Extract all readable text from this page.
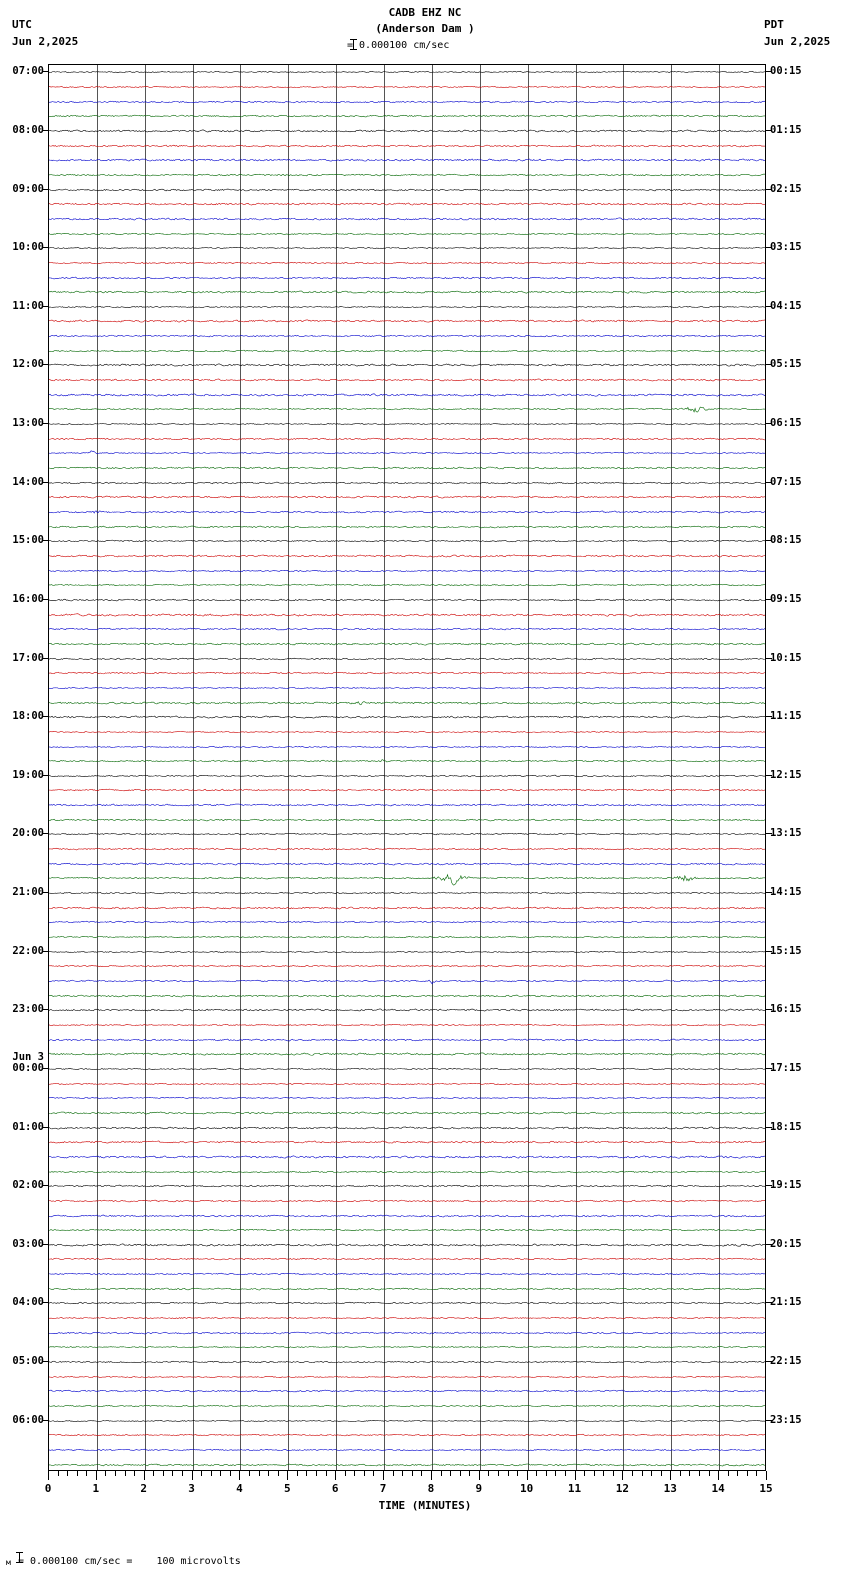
CADB EHZ NC
(Anderson Dam )
UTC
Jun 2,2025
PDT
Jun 2,2025
= 0.000100 cm/sec
TIME (MINUTES)
м = 0.000100 cm/sec =    100 microvolts
07:00
08:00
09:00
10:00
11:00
12:00
13:00
14:00
15:00
16:00
17:00
18:00
19:00
20:00
21:00
22:00
23:00
Jun 3
00:00
01:00
02:00
03:00
04:00
05:00
06:00
00:15
01:15
02:15
03:15
04:15
05:15
06:15
07:15
08:15
09:15
10:15
11:15
12:15
13:15
14:15
15:15
16:15
17:15
18:15
19:15
20:15
21:15
22:15
23:15
0	1	2	3	4	5	6	7	8	9	10	11	12	13	14	15
